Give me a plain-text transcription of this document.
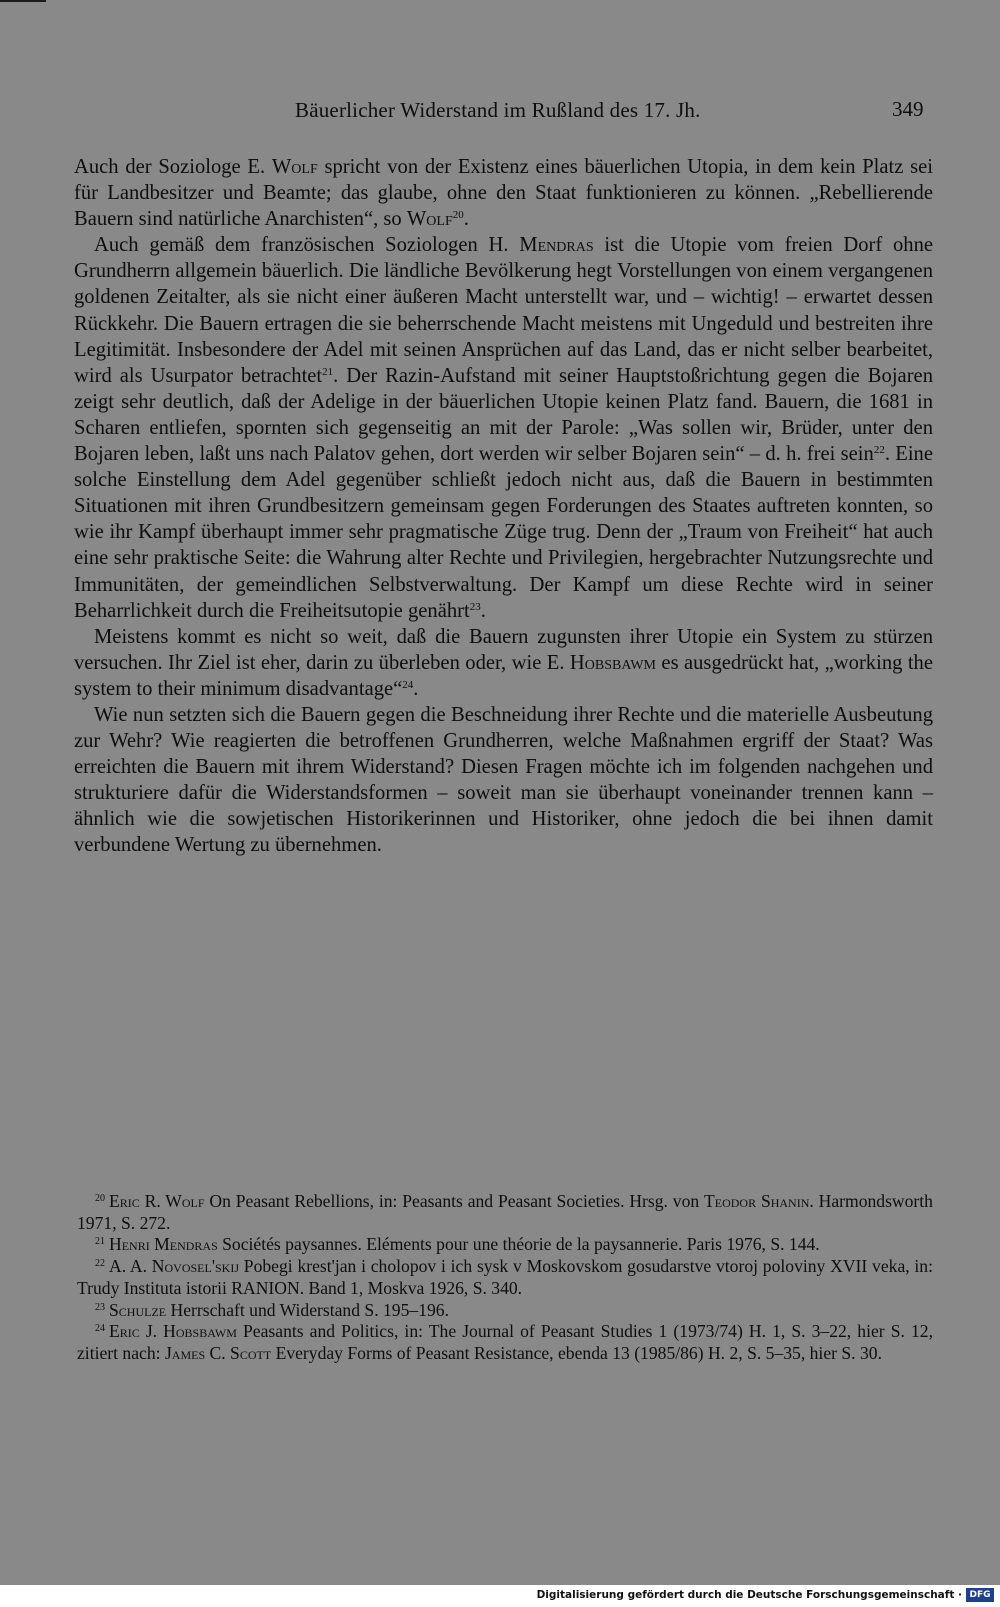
Bäuerlicher Widerstand im Rußland des 17. Jh.	349

Auch der Soziologe E. Wolf spricht von der Existenz eines bäuerlichen Utopia, in dem kein Platz sei für Landbesitzer und Beamte; das glaube, ohne den Staat funktionieren zu können. „Rebellierende Bauern sind natürliche Anarchisten“, so Wolf$^{20}$.

Auch gemäß dem französischen Soziologen H. Mendras ist die Utopie vom freien Dorf ohne Grundherrn allgemein bäuerlich. Die ländliche Bevölkerung hegt Vorstellungen von einem vergangenen goldenen Zeitalter, als sie nicht einer äußeren Macht unterstellt war, und – wichtig! – erwartet dessen Rückkehr. Die Bauern ertragen die sie beherrschende Macht meistens mit Ungeduld und bestreiten ihre Legitimität. Insbesondere der Adel mit seinen Ansprüchen auf das Land, das er nicht selber bearbeitet, wird als Usurpator betrachtet$^{21}$. Der Razin-Aufstand mit seiner Hauptstoßrichtung gegen die Bojaren zeigt sehr deutlich, daß der Adelige in der bäuerlichen Utopie keinen Platz fand. Bauern, die 1681 in Scharen entliefen, spornten sich gegenseitig an mit der Parole: „Was sollen wir, Brüder, unter den Bojaren leben, laßt uns nach Palatov gehen, dort werden wir selber Bojaren sein“ – d. h. frei sein$^{22}$. Eine solche Einstellung dem Adel gegenüber schließt jedoch nicht aus, daß die Bauern in bestimmten Situationen mit ihren Grundbesitzern gemeinsam gegen Forderungen des Staates auftreten konnten, so wie ihr Kampf überhaupt immer sehr pragmatische Züge trug. Denn der „Traum von Freiheit“ hat auch eine sehr praktische Seite: die Wahrung alter Rechte und Privilegien, hergebrachter Nutzungsrechte und Immunitäten, der gemeindlichen Selbstverwaltung. Der Kampf um diese Rechte wird in seiner Beharrlichkeit durch die Freiheitsutopie genährt$^{23}$.

Meistens kommt es nicht so weit, daß die Bauern zugunsten ihrer Utopie ein System zu stürzen versuchen. Ihr Ziel ist eher, darin zu überleben oder, wie E. Hobsbawm es ausgedrückt hat, „working the system to their minimum disadvantage“$^{24}$.

Wie nun setzten sich die Bauern gegen die Beschneidung ihrer Rechte und die materielle Ausbeutung zur Wehr? Wie reagierten die betroffenen Grundherren, welche Maßnahmen ergriff der Staat? Was erreichten die Bauern mit ihrem Widerstand? Diesen Fragen möchte ich im folgenden nachgehen und strukturiere dafür die Widerstandsformen – soweit man sie überhaupt voneinander trennen kann – ähnlich wie die sowjetischen Historikerinnen und Historiker, ohne jedoch die bei ihnen damit verbundene Wertung zu übernehmen.

$^{20}$ Eric R. Wolf On Peasant Rebellions, in: Peasants and Peasant Societies. Hrsg. von Teodor Shanin. Harmondsworth 1971, S. 272.

$^{21}$ Henri Mendras Sociétés paysannes. Eléments pour une théorie de la paysannerie. Paris 1976, S. 144.

$^{22}$ A. A. Novosel'skij Pobegi krest'jan i cholopov i ich sysk v Moskovskom gosudarstve vtoroj poloviny XVII veka, in: Trudy Instituta istorii RANION. Band 1, Moskva 1926, S. 340.

$^{23}$ Schulze Herrschaft und Widerstand S. 195–196.

$^{24}$ Eric J. Hobsbawm Peasants and Politics, in: The Journal of Peasant Studies 1 (1973/74) H. 1, S. 3–22, hier S. 12, zitiert nach: James C. Scott Everyday Forms of Peasant Resistance, ebenda 13 (1985/86) H. 2, S. 5–35, hier S. 30.

Digitalisierung gefördert durch die Deutsche Forschungsgemeinschaft · DFG
